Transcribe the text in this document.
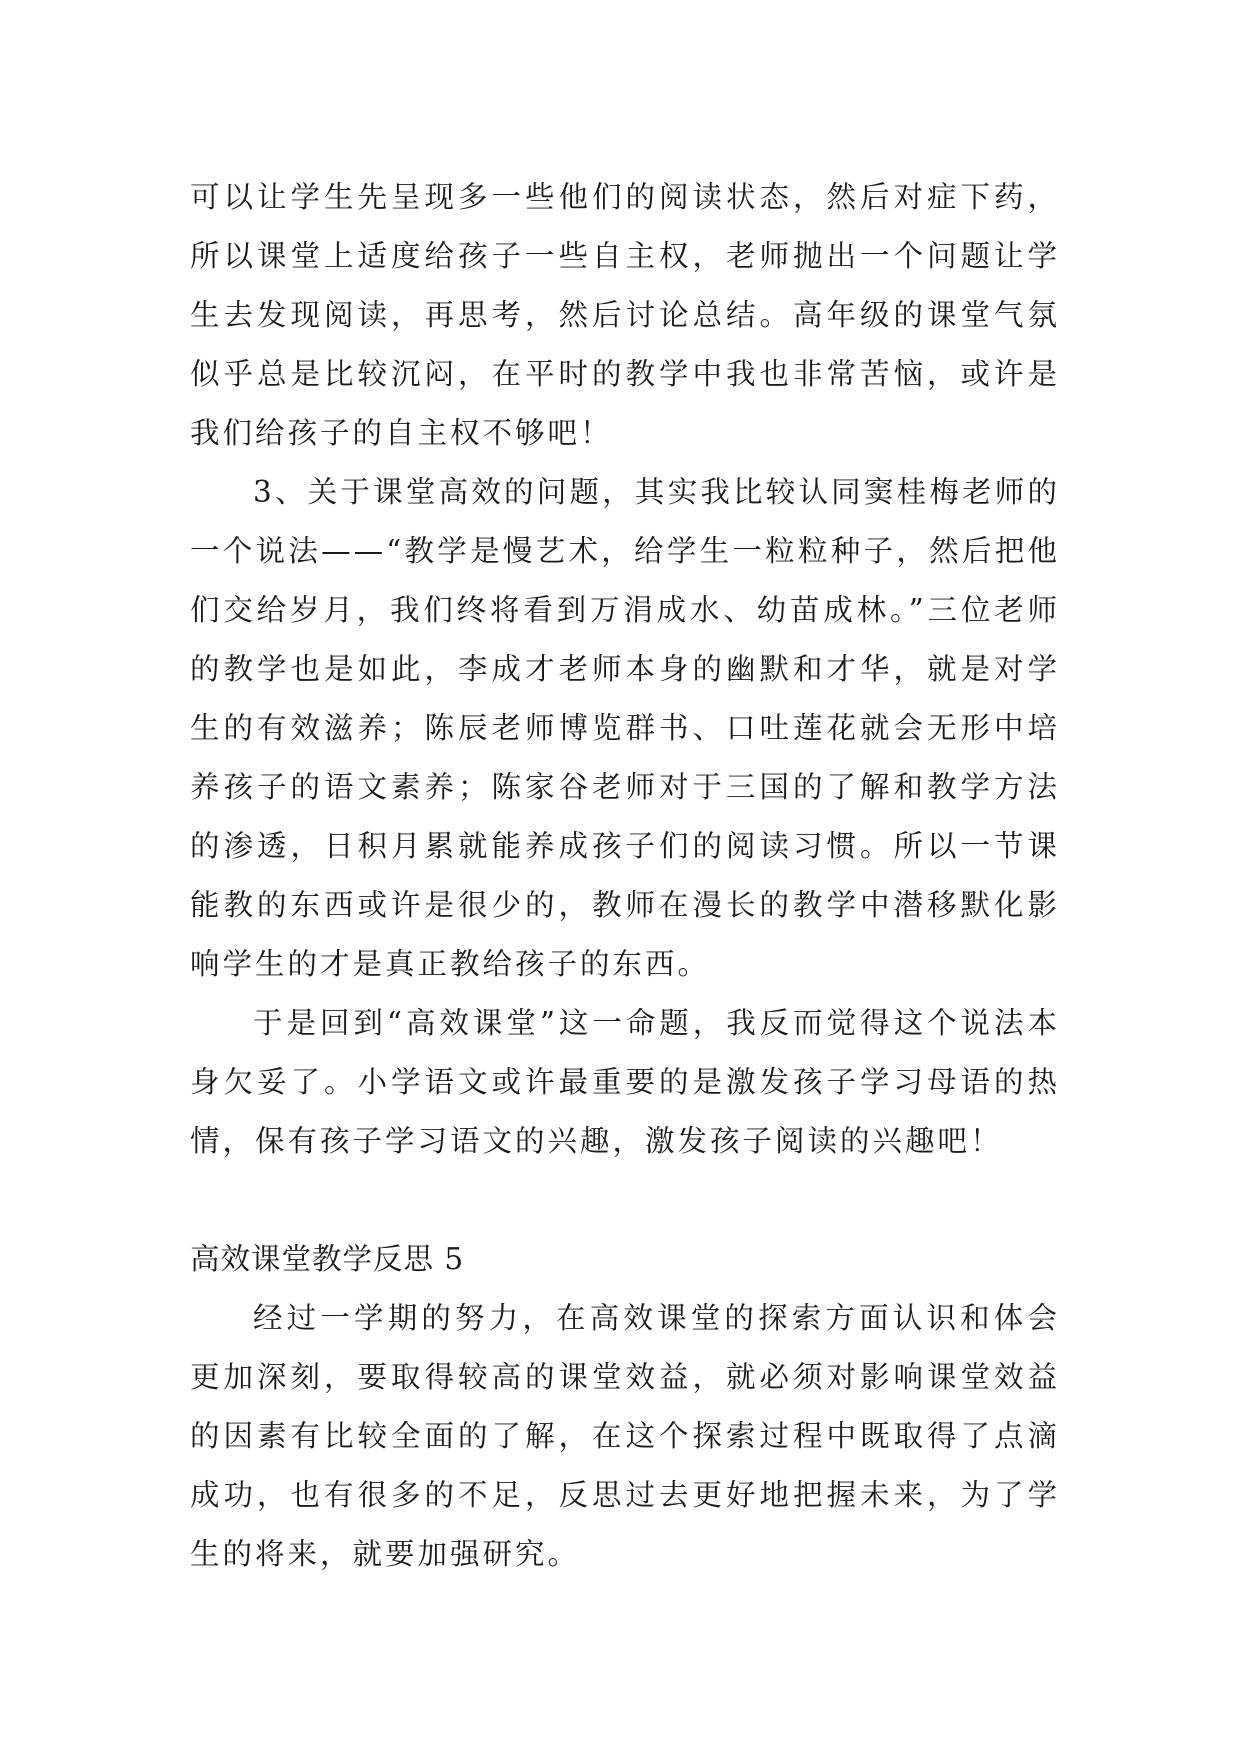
可以让学生先呈现多一些他们的阅读状态，然后对症下药，所以课堂上适度给孩子一些自主权，老师抛出一个问题让学生去发现阅读，再思考，然后讨论总结。高年级的课堂气氛似乎总是比较沉闷，在平时的教学中我也非常苦恼，或许是我们给孩子的自主权不够吧！

3、关于课堂高效的问题，其实我比较认同窦桂梅老师的一个说法——“教学是慢艺术，给学生一粒粒种子，然后把他们交给岁月，我们终将看到万涓成水、幼苗成林。”三位老师的教学也是如此，李成才老师本身的幽默和才华，就是对学生的有效滋养；陈辰老师博览群书、口吐莲花就会无形中培养孩子的语文素养；陈家谷老师对于三国的了解和教学方法的渗透，日积月累就能养成孩子们的阅读习惯。所以一节课能教的东西或许是很少的，教师在漫长的教学中潜移默化影响学生的才是真正教给孩子的东西。

于是回到“高效课堂”这一命题，我反而觉得这个说法本身欠妥了。小学语文或许最重要的是激发孩子学习母语的热情，保有孩子学习语文的兴趣，激发孩子阅读的兴趣吧！

高效课堂教学反思 5

经过一学期的努力，在高效课堂的探索方面认识和体会更加深刻，要取得较高的课堂效益，就必须对影响课堂效益的因素有比较全面的了解，在这个探索过程中既取得了点滴成功，也有很多的不足，反思过去更好地把握未来，为了学生的将来，就要加强研究。
